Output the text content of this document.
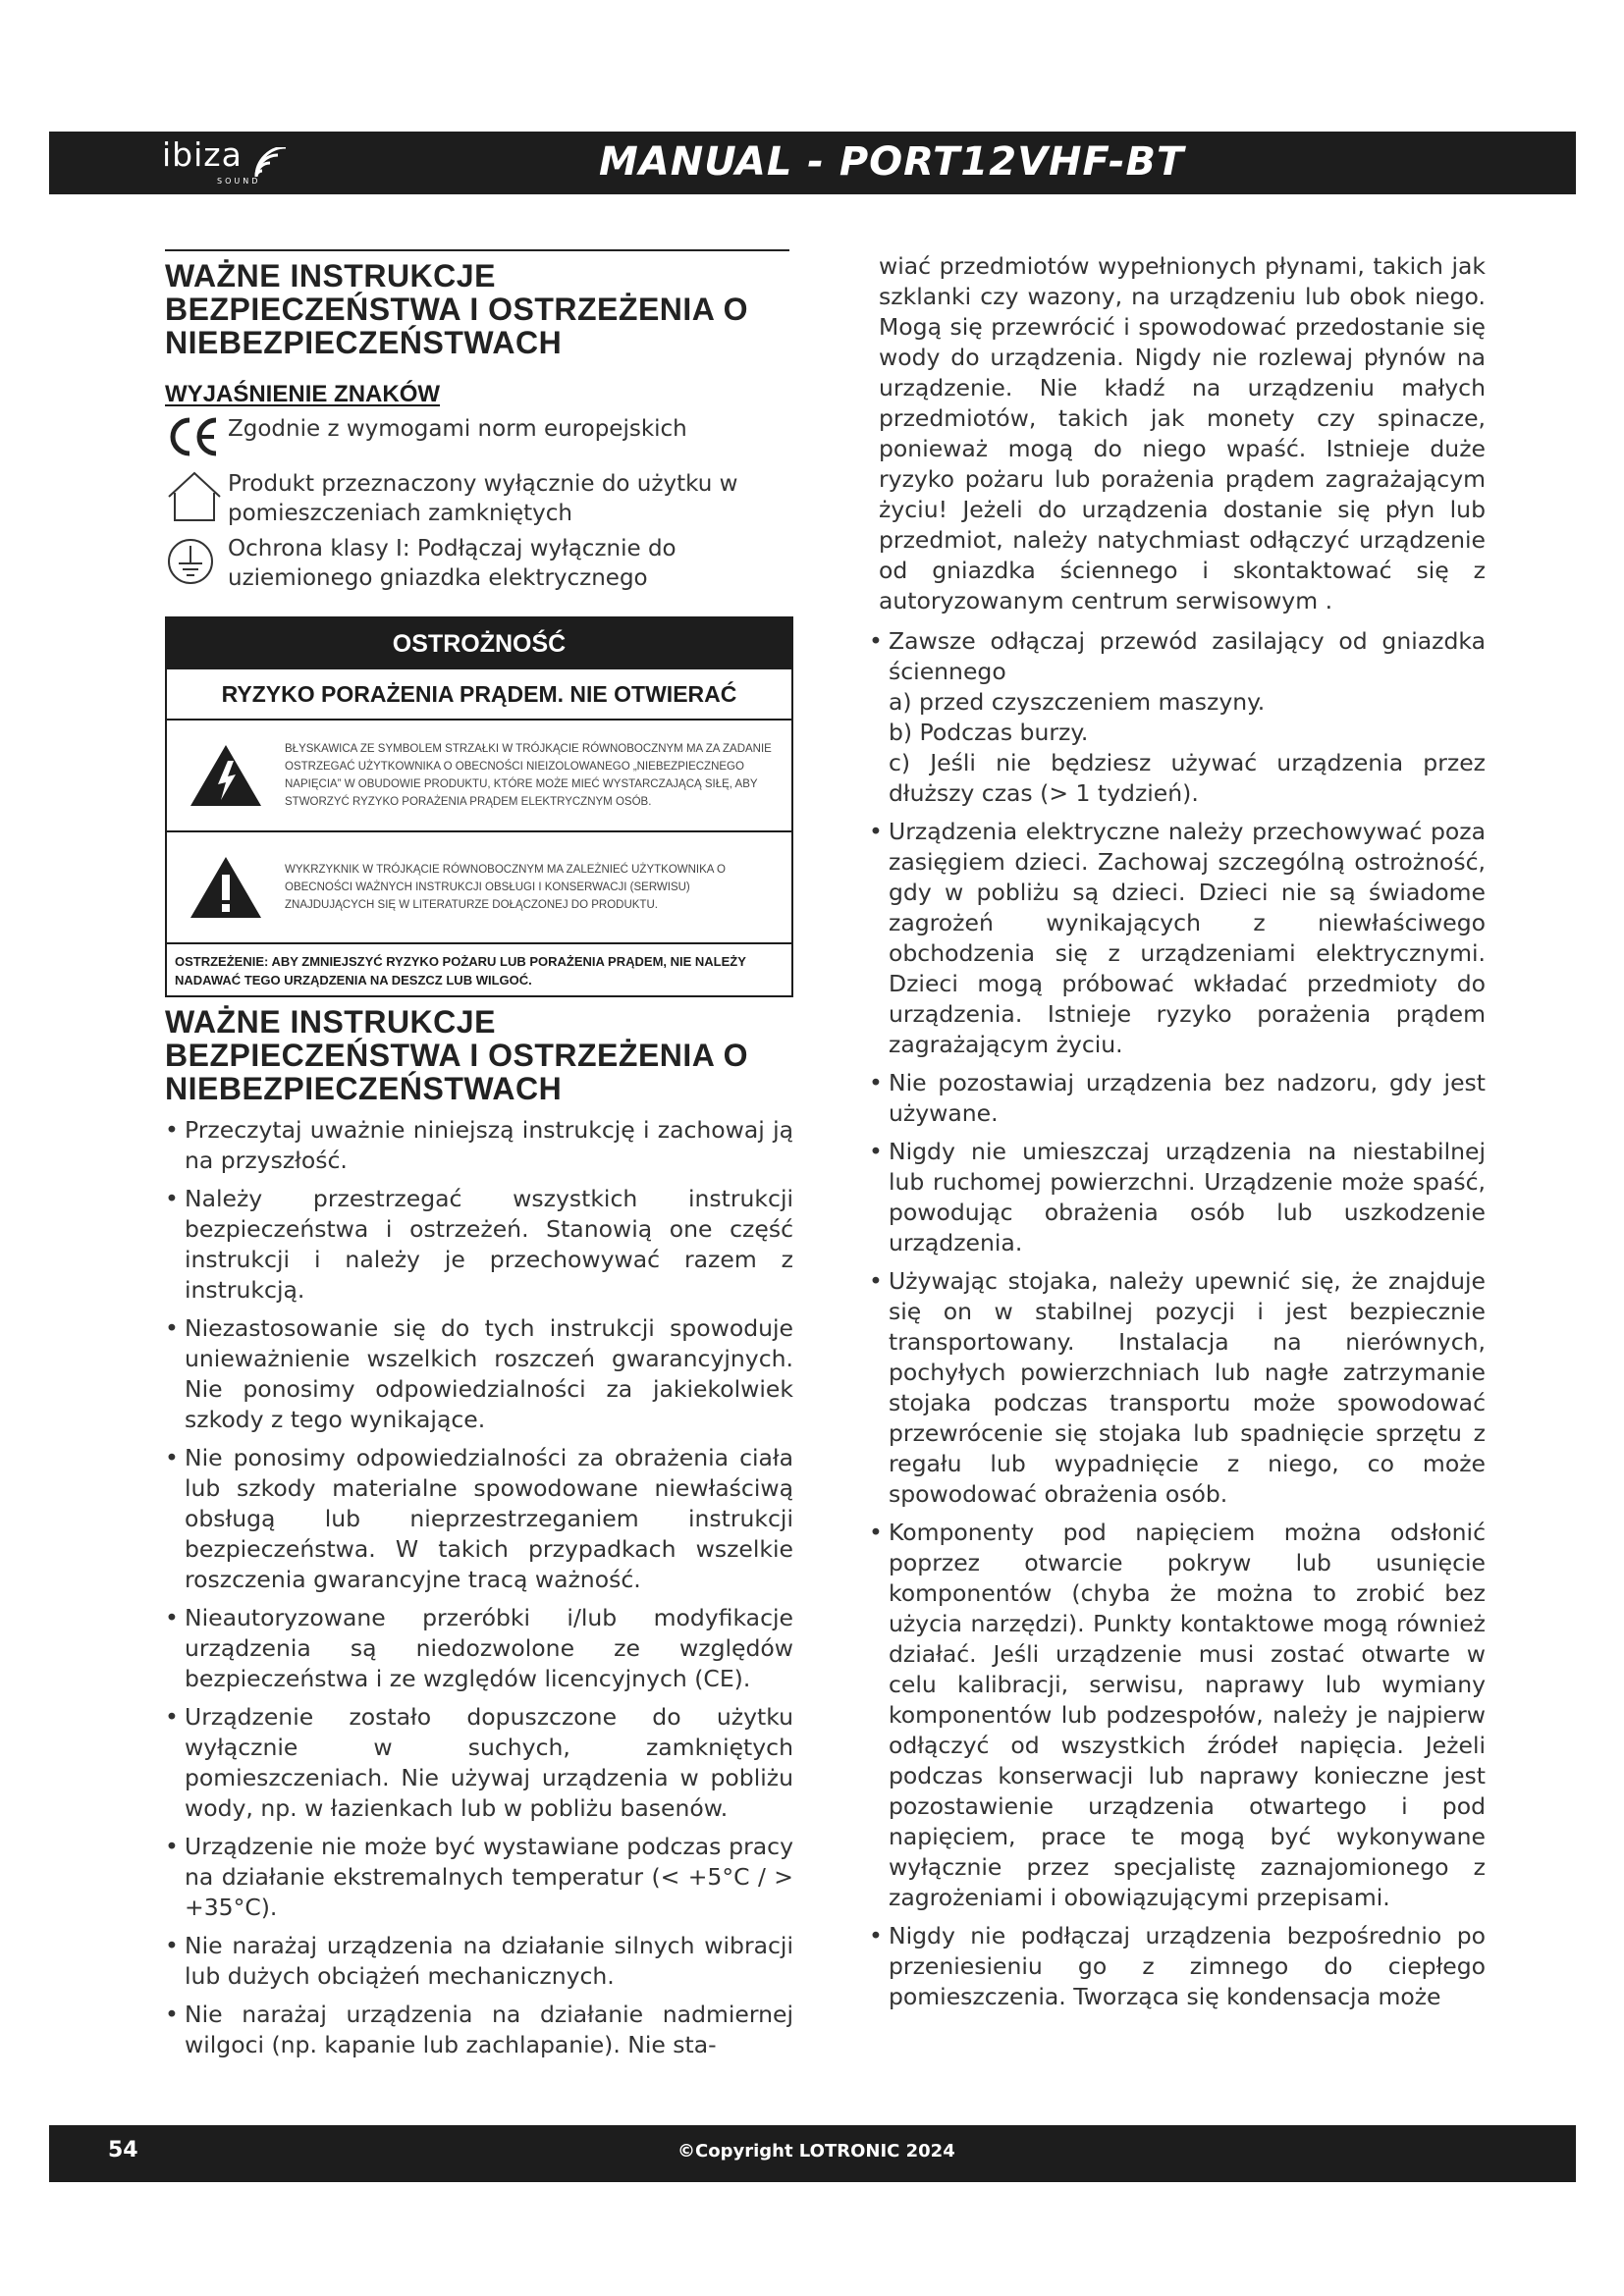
ibiza
SOUND	MANUAL - PORT12VHF-BT
WAŻNE INSTRUKCJE BEZPIECZEŃSTWA I OSTRZEŻENIA O NIEBEZPIECZEŃSTWACH
WYJAŚNIENIE ZNAKÓW
Zgodnie z wymogami norm europejskich
Produkt przeznaczony wyłącznie do użytku w pomieszczeniach zamkniętych
Ochrona klasy I: Podłączaj wyłącznie do uziemionego gniazdka elektrycznego
OSTROŻNOŚĆ
RYZYKO PORAŻENIA PRĄDEM. NIE OTWIERAĆ
BŁYSKAWICA ZE SYMBOLEM STRZAŁKI W TRÓJKĄCIE RÓWNOBOCZNYM MA ZA ZADANIE OSTRZEGAĆ UŻYTKOWNIKA O OBECNOŚCI NIEIZOLOWANEGO „NIEBEZPIECZNEGO NAPIĘCIA” W OBUDOWIE PRODUKTU, KTÓRE MOŻE MIEĆ WYSTARCZAJĄCĄ SIŁĘ, ABY STWORZYĆ RYZYKO PORAŻENIA PRĄDEM ELEKTRYCZNYM OSÓB.
WYKRZYKNIK W TRÓJKĄCIE RÓWNOBOCZNYM MA ZALEŻNIEĆ UŻYTKOWNIKA O OBECNOŚCI WAŻNYCH INSTRUKCJI OBSŁUGI I KONSERWACJI (SERWISU) ZNAJDUJĄCYCH SIĘ W LITERATURZE DOŁĄCZONEJ DO PRODUKTU.
OSTRZEŻENIE: ABY ZMNIEJSZYĆ RYZYKO POŻARU LUB PORAŻENIA PRĄDEM, NIE NALEŻY NADAWAĆ TEGO URZĄDZENIA NA DESZCZ LUB WILGOĆ.
WAŻNE INSTRUKCJE BEZPIECZEŃSTWA I OSTRZEŻENIA O NIEBEZPIECZEŃSTWACH
• Przeczytaj uważnie niniejszą instrukcję i zachowaj ją na przyszłość.
• Należy przestrzegać wszystkich instrukcji bezpieczeństwa i ostrzeżeń. Stanowią one część instrukcji i należy je przechowywać razem z instrukcją.
• Niezastosowanie się do tych instrukcji spowoduje unieważnienie wszelkich roszczeń gwarancyjnych. Nie ponosimy odpowiedzialności za jakiekolwiek szkody z tego wynikające.
• Nie ponosimy odpowiedzialności za obrażenia ciała lub szkody materialne spowodowane niewłaściwą obsługą lub nieprzestrzeganiem instrukcji bezpieczeństwa. W takich przypadkach wszelkie roszczenia gwarancyjne tracą ważność.
• Nieautoryzowane przeróbki i/lub modyfikacje urządzenia są niedozwolone ze względów bezpieczeństwa i ze względów licencyjnych (CE).
• Urządzenie zostało dopuszczone do użytku wyłącznie w suchych, zamkniętych pomieszczeniach. Nie używaj urządzenia w pobliżu wody, np. w łazienkach lub w pobliżu basenów.
• Urządzenie nie może być wystawiane podczas pracy na działanie ekstremalnych temperatur (< +5°C / > +35°C).
• Nie narażaj urządzenia na działanie silnych wibracji lub dużych obciążeń mechanicznych.
• Nie narażaj urządzenia na działanie nadmiernej wilgoci (np. kapanie lub zachlapanie). Nie sta-
wiać przedmiotów wypełnionych płynami, takich jak szklanki czy wazony, na urządzeniu lub obok niego. Mogą się przewrócić i spowodować przedostanie się wody do urządzenia. Nigdy nie rozlewaj płynów na urządzenie. Nie kładź na urządzeniu małych przedmiotów, takich jak monety czy spinacze, ponieważ mogą do niego wpaść. Istnieje duże ryzyko pożaru lub porażenia prądem zagrażającym życiu! Jeżeli do urządzenia dostanie się płyn lub przedmiot, należy natychmiast odłączyć urządzenie od gniazdka ściennego i skontaktować się z autoryzowanym centrum serwisowym .
• Zawsze odłączaj przewód zasilający od gniazdka ściennego
a) przed czyszczeniem maszyny.
b) Podczas burzy.
c) Jeśli nie będziesz używać urządzenia przez dłuższy czas (> 1 tydzień).
• Urządzenia elektryczne należy przechowywać poza zasięgiem dzieci. Zachowaj szczególną ostrożność, gdy w pobliżu są dzieci. Dzieci nie są świadome zagrożeń wynikających z niewłaściwego obchodzenia się z urządzeniami elektrycznymi. Dzieci mogą próbować wkładać przedmioty do urządzenia. Istnieje ryzyko porażenia prądem zagrażającym życiu.
• Nie pozostawiaj urządzenia bez nadzoru, gdy jest używane.
• Nigdy nie umieszczaj urządzenia na niestabilnej lub ruchomej powierzchni. Urządzenie może spaść, powodując obrażenia osób lub uszkodzenie urządzenia.
• Używając stojaka, należy upewnić się, że znajduje się on w stabilnej pozycji i jest bezpiecznie transportowany. Instalacja na nierównych, pochyłych powierzchniach lub nagłe zatrzymanie stojaka podczas transportu może spowodować przewrócenie się stojaka lub spadnięcie sprzętu z regału lub wypadnięcie z niego, co może spowodować obrażenia osób.
• Komponenty pod napięciem można odsłonić poprzez otwarcie pokryw lub usunięcie komponentów (chyba że można to zrobić bez użycia narzędzi). Punkty kontaktowe mogą również działać. Jeśli urządzenie musi zostać otwarte w celu kalibracji, serwisu, naprawy lub wymiany komponentów lub podzespołów, należy je najpierw odłączyć od wszystkich źródeł napięcia. Jeżeli podczas konserwacji lub naprawy konieczne jest pozostawienie urządzenia otwartego i pod napięciem, prace te mogą być wykonywane wyłącznie przez specjalistę zaznajomionego z zagrożeniami i obowiązującymi przepisami.
• Nigdy nie podłączaj urządzenia bezpośrednio po przeniesieniu go z zimnego do ciepłego pomieszczenia. Tworząca się kondensacja może
54	©Copyright LOTRONIC 2024
